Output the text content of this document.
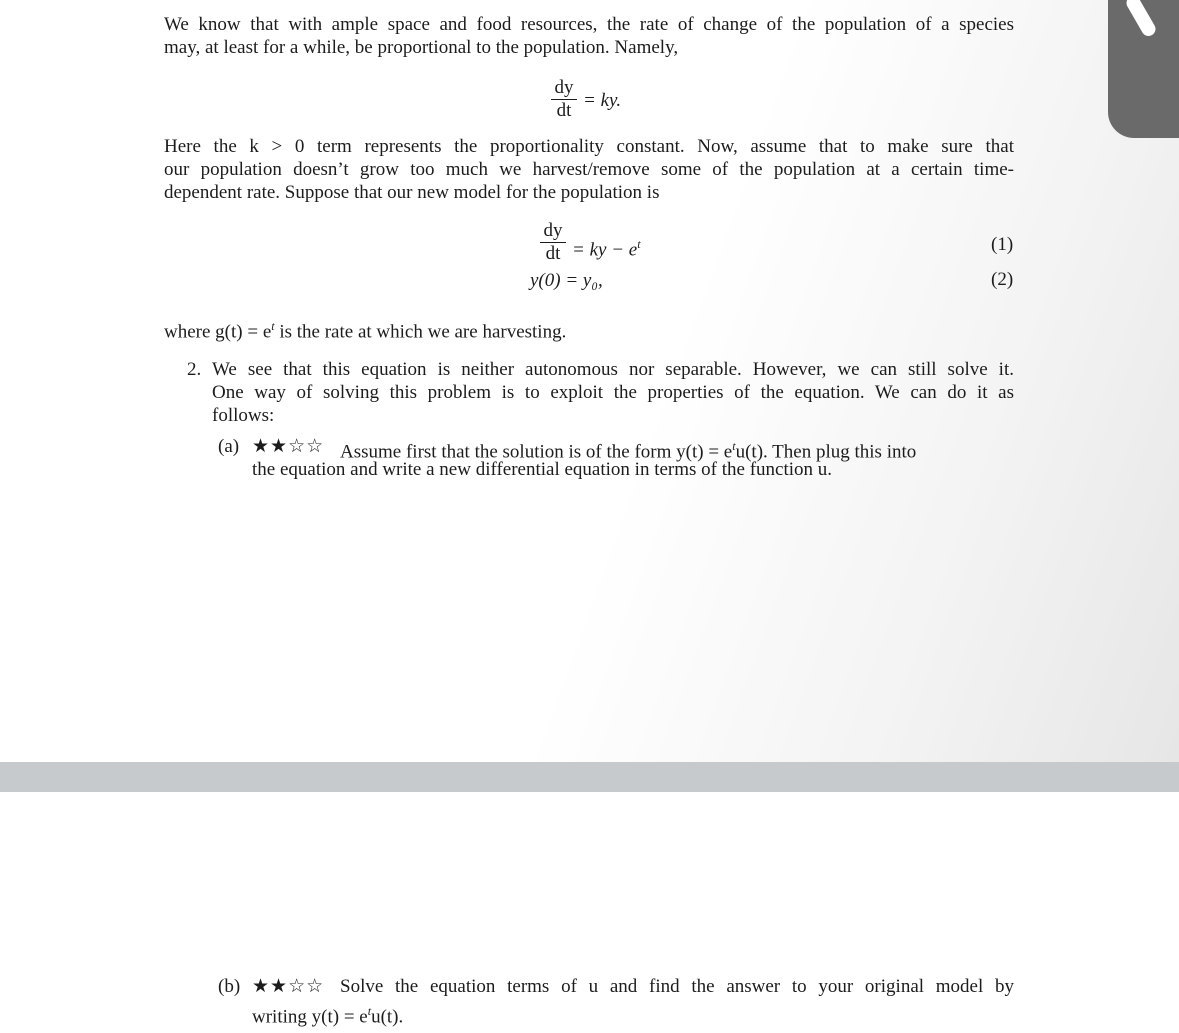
We know that with ample space and food resources, the rate of change of the population of a species
may, at least for a while, be proportional to the population. Namely,
$\frac{dy}{dt}$ = ky.
Here the k > 0 term represents the proportionality constant. Now, assume that to make sure that
our population doesn’t grow too much we harvest/remove some of the population at a certain time-
dependent rate. Suppose that our new model for the population is
$\frac{dy}{dt}$ = ky − $e^t$	(1)
y(0) = y₀,	(2)
where $g(t) = e^t$ is the rate at which we are harvesting.
2. We see that this equation is neither autonomous nor separable. However, we can still solve it.
One way of solving this problem is to exploit the properties of the equation. We can do it as
follows:
(a) ★★☆☆ Assume first that the solution is of the form $y(t) = e^tu(t)$. Then plug this into
the equation and write a new differential equation in terms of the function u.
(b) ★★☆☆ Solve the equation terms of u and find the answer to your original model by
writing $y(t) = e^tu(t)$.
